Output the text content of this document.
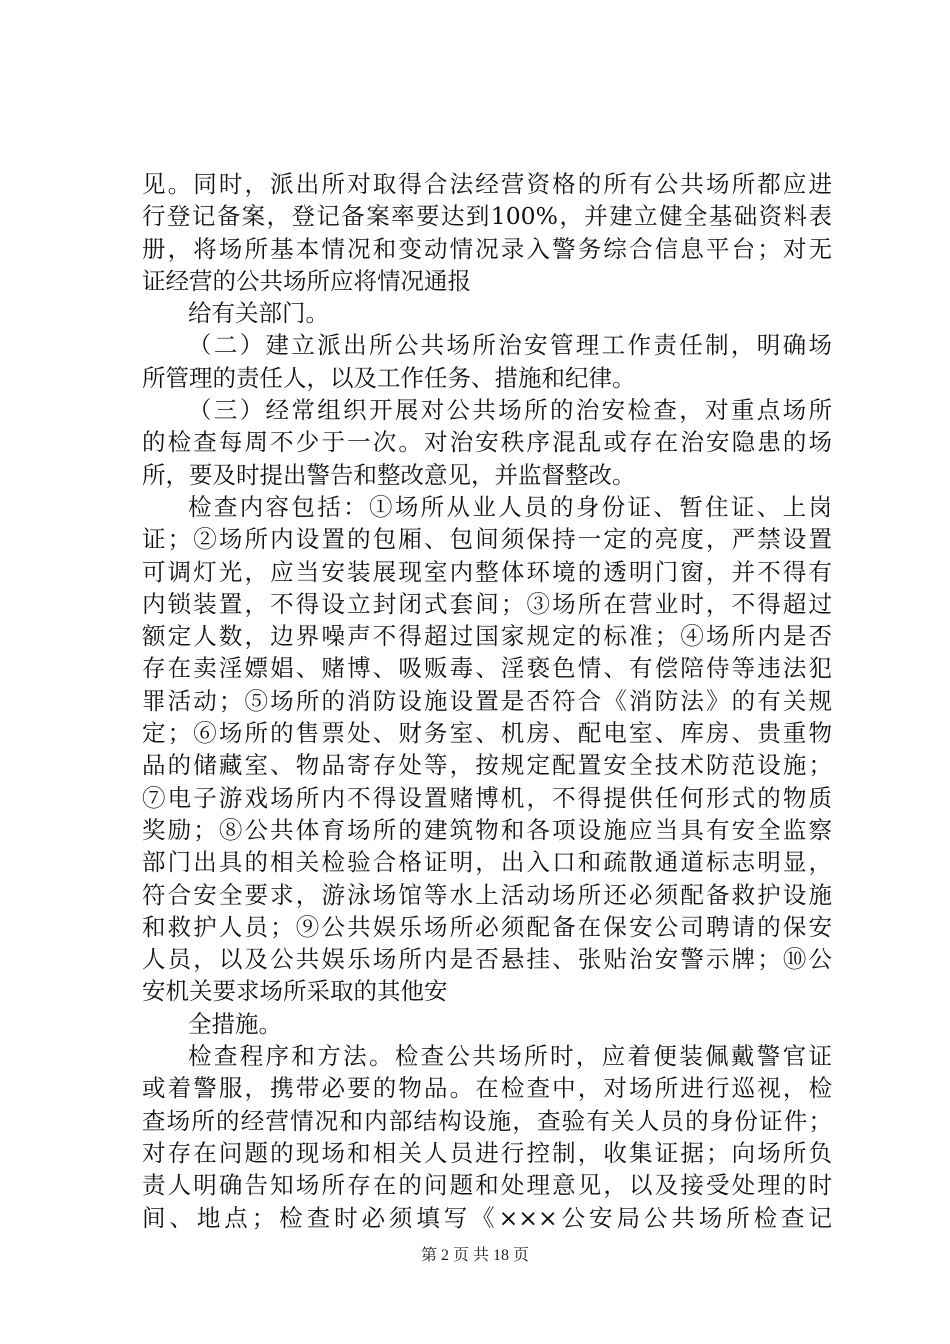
见。同时，派出所对取得合法经营资格的所有公共场所都应进
行登记备案，登记备案率要达到100%，并建立健全基础资料表
册，将场所基本情况和变动情况录入警务综合信息平台；对无
证经营的公共场所应将情况通报
给有关部门。
（二）建立派出所公共场所治安管理工作责任制，明确场
所管理的责任人，以及工作任务、措施和纪律。
（三）经常组织开展对公共场所的治安检查，对重点场所
的检查每周不少于一次。对治安秩序混乱或存在治安隐患的场
所，要及时提出警告和整改意见，并监督整改。
检查内容包括：①场所从业人员的身份证、暂住证、上岗
证；②场所内设置的包厢、包间须保持一定的亮度，严禁设置
可调灯光，应当安装展现室内整体环境的透明门窗，并不得有
内锁装置，不得设立封闭式套间；③场所在营业时，不得超过
额定人数，边界噪声不得超过国家规定的标准；④场所内是否
存在卖淫嫖娼、赌博、吸贩毒、淫亵色情、有偿陪侍等违法犯
罪活动；⑤场所的消防设施设置是否符合《消防法》的有关规
定；⑥场所的售票处、财务室、机房、配电室、库房、贵重物
品的储藏室、物品寄存处等，按规定配置安全技术防范设施；
⑦电子游戏场所内不得设置赌博机，不得提供任何形式的物质
奖励；⑧公共体育场所的建筑物和各项设施应当具有安全监察
部门出具的相关检验合格证明，出入口和疏散通道标志明显，
符合安全要求，游泳场馆等水上活动场所还必须配备救护设施
和救护人员；⑨公共娱乐场所必须配备在保安公司聘请的保安
人员，以及公共娱乐场所内是否悬挂、张贴治安警示牌；⑩公
安机关要求场所采取的其他安
全措施。
检查程序和方法。检查公共场所时，应着便装佩戴警官证
或着警服，携带必要的物品。在检查中，对场所进行巡视，检
查场所的经营情况和内部结构设施，查验有关人员的身份证件；
对存在问题的现场和相关人员进行控制，收集证据；向场所负
责人明确告知场所存在的问题和处理意见，以及接受处理的时
间、地点；检查时必须填写《×××公安局公共场所检查记
第 2 页 共 18 页
